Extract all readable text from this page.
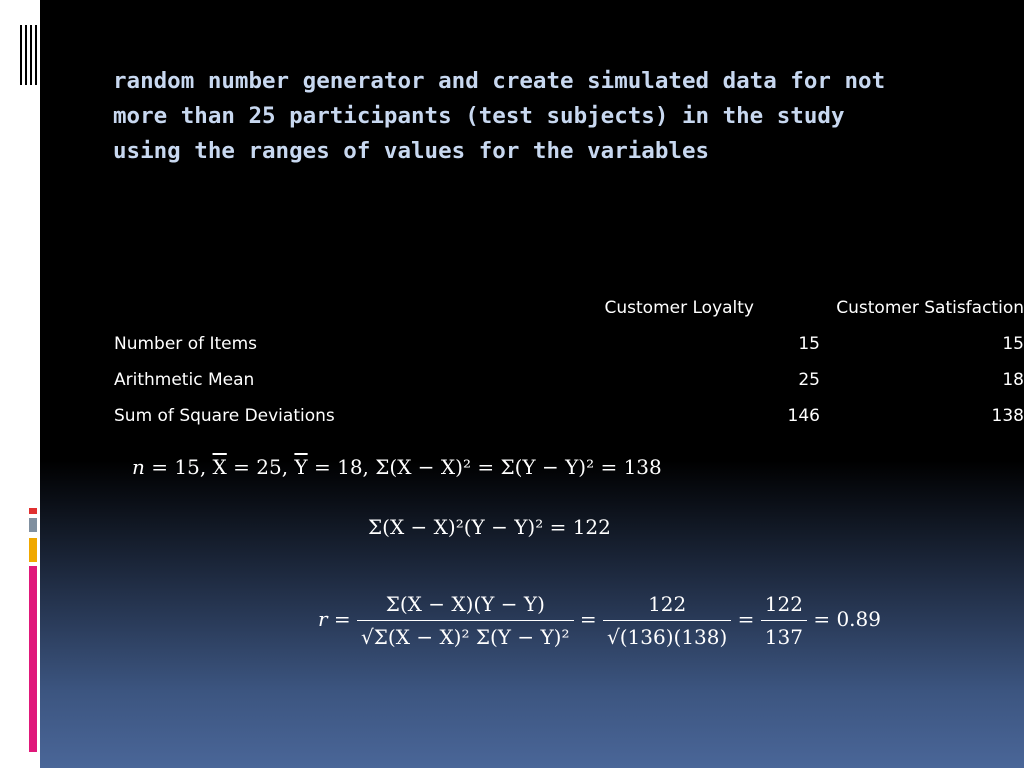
random number generator and create simulated data for not
more than 25 participants (test subjects) in the study
using the ranges of values for the variables
	Customer Loyalty	Customer Satisfaction
Number of Items	15	15
Arithmetic Mean	25	18
Sum of Square Deviations	146	138
n = 15, $\overline{X} = 25$, $\overline{Y} = 18$, Σ(X − X)² = Σ(Y − Y)² = 138
Σ(X − X)²(Y − Y)² = 122
$r = \frac{\Sigma(X - X)(Y - Y)}{\text{√Σ(X − X)² Σ(Y − Y)²}} = \frac{122}{√(136)(138)} = \frac{122}{137} = 0.89$
